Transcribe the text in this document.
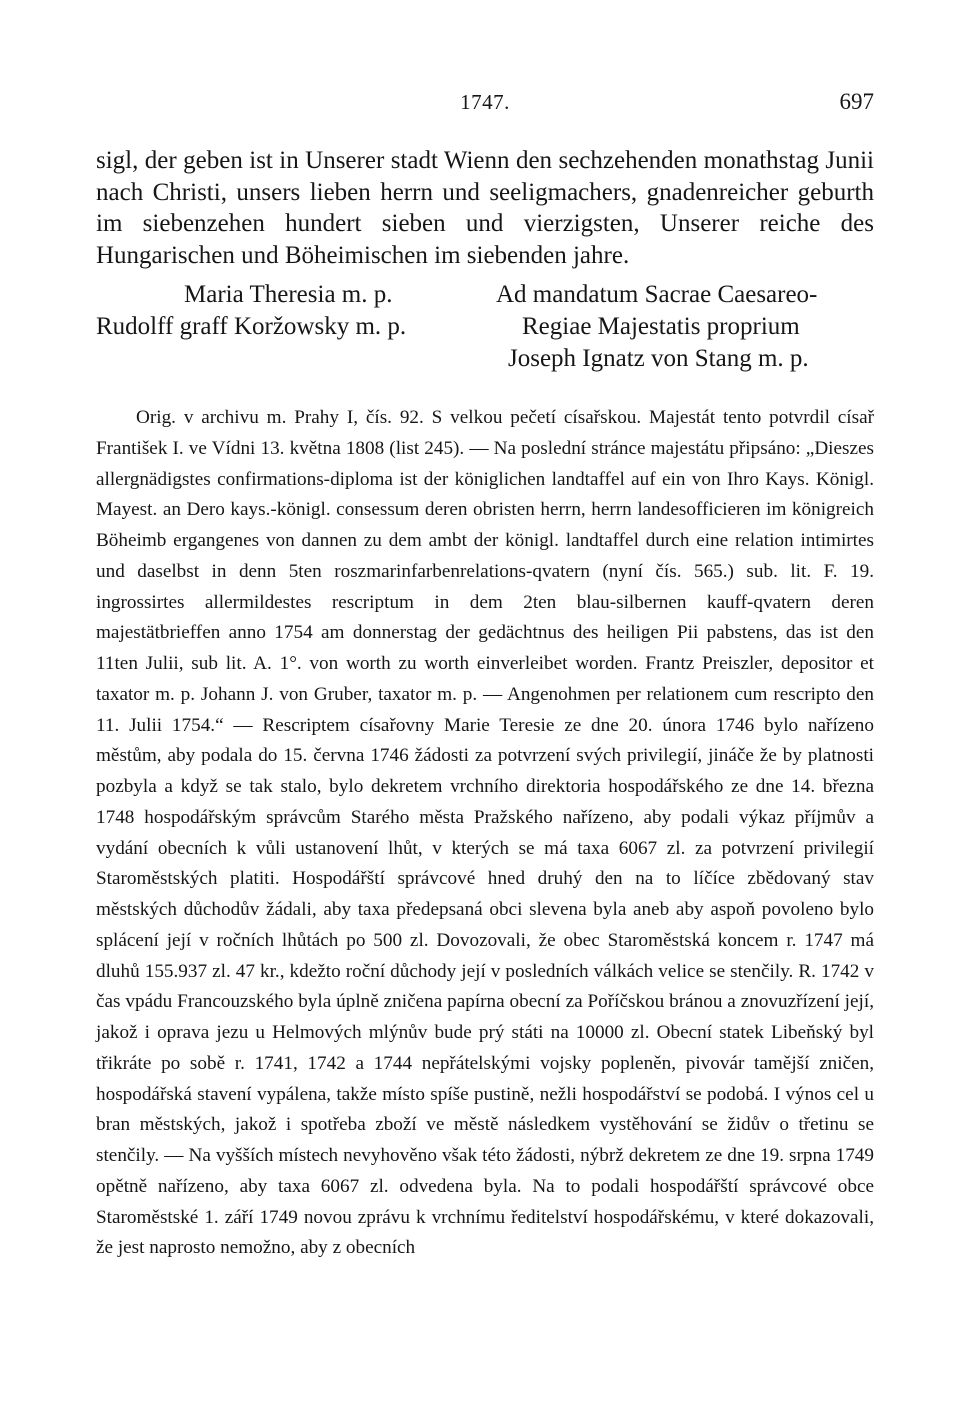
1747.	697
sigl, der geben ist in Unserer stadt Wienn den sechzehenden monathstag Junii nach Christi, unsers lieben herrn und seeligmachers, gnadenreicher geburth im siebenzehen hundert sieben und vierzigsten, Unserer reiche des Hungarischen und Böheimischen im siebenden jahre.
Maria Theresia m. p.	Ad mandatum Sacrae Caesareo-
Rudolff graff Koržowsky m. p.	Regiae Majestatis proprium
Joseph Ignatz von Stang m. p.
Orig. v archivu m. Prahy I, čís. 92. S velkou pečetí císařskou. Majestát tento potvrdil císař František I. ve Vídni 13. května 1808 (list 245). — Na poslední stránce majestátu připsáno: „Dieszes allergnädigstes confirmations-diploma ist der königlichen landtaffel auf ein von Ihro Kays. Königl. Mayest. an Dero kays.-königl. consessum deren obristen herrn, herrn landesofficieren im königreich Böheimb ergangenes von dannen zu dem ambt der königl. landtaffel durch eine relation intimirtes und daselbst in denn 5ten roszmarinfarbenrelations-qvatern (nyní čís. 565.) sub. lit. F. 19. ingrossirtes allermildestes rescriptum in dem 2ten blau-silbernen kauff-qvatern deren majestätbrieffen anno 1754 am donnerstag der gedächtnus des heiligen Pii pabstens, das ist den 11ten Julii, sub lit. A. 1°. von worth zu worth einverleibet worden. Frantz Preiszler, depositor et taxator m. p. Johann J. von Gruber, taxator m. p. — Angenohmen per relationem cum rescripto den 11. Julii 1754.“ — Rescriptem císařovny Marie Teresie ze dne 20. února 1746 bylo nařízeno městům, aby podala do 15. června 1746 žádosti za potvrzení svých privilegií, jináče že by platnosti pozbyla a když se tak stalo, bylo dekretem vrchního direktoria hospodářského ze dne 14. března 1748 hospodářským správcům Starého města Pražského nařízeno, aby podali výkaz příjmův a vydání obecních k vůli ustanovení lhůt, v kterých se má taxa 6067 zl. za potvrzení privilegií Staroměstských platiti. Hospodářští správcové hned druhý den na to líčíce zbědovaný stav městských důchodův žádali, aby taxa předepsaná obci slevena byla aneb aby aspoň povoleno bylo splácení její v ročních lhůtách po 500 zl. Dovozovali, že obec Staroměstská koncem r. 1747 má dluhů 155.937 zl. 47 kr., kdežto roční důchody její v posledních válkách velice se stenčily. R. 1742 v čas vpádu Francouzského byla úplně zničena papírna obecní za Poříčskou bránou a znovuzřízení její, jakož i oprava jezu u Helmových mlýnův bude prý státi na 10000 zl. Obecní statek Libeňský byl třikráte po sobě r. 1741, 1742 a 1744 nepřátelskými vojsky popleněn, pivovár tamější zničen, hospodářská stavení vypálena, takže místo spíše pustině, nežli hospodářství se podobá. I výnos cel u bran městských, jakož i spotřeba zboží ve městě následkem vystěhování se židův o třetinu se stenčily. — Na vyšších místech nevyhověno však této žádosti, nýbrž dekretem ze dne 19. srpna 1749 opětně nařízeno, aby taxa 6067 zl. odvedena byla. Na to podali hospodářští správcové obce Staroměstské 1. září 1749 novou zprávu k vrchnímu ředitelství hospodářskému, v které dokazovali, že jest naprosto nemožno, aby z obecních
